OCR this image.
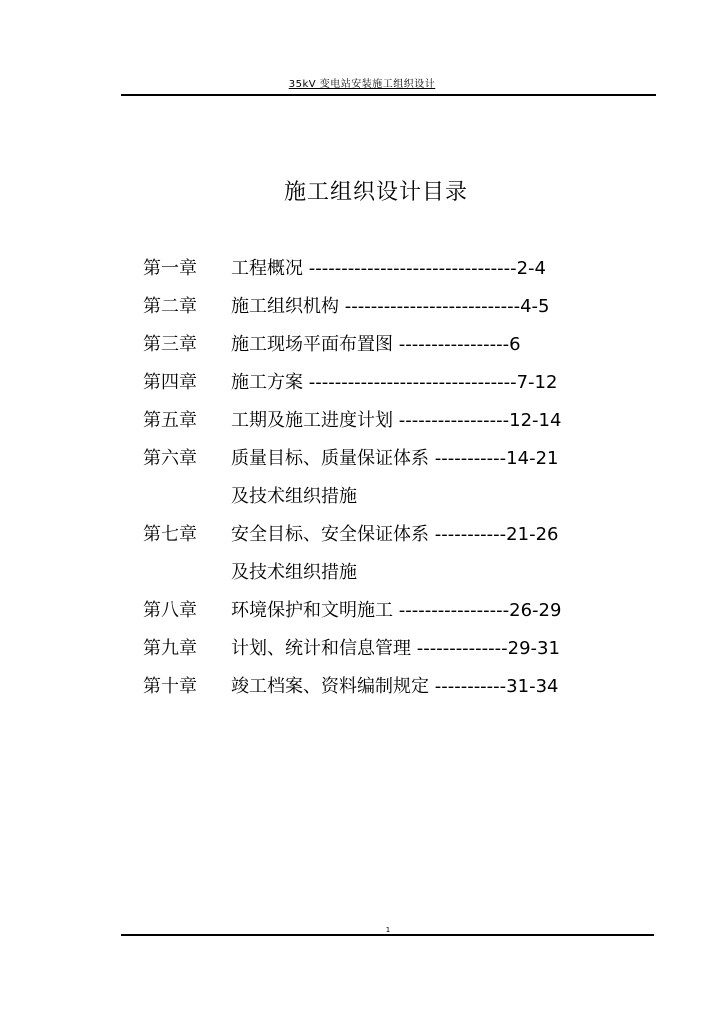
35kV 变电站安装施工组织设计
施工组织设计目录
第一章 工程概况 --------------------------------2-4
第二章 施工组织机构 ---------------------------4-5
第三章 施工现场平面布置图 -----------------6
第四章 施工方案 --------------------------------7-12
第五章 工期及施工进度计划 -----------------12-14
第六章 质量目标、质量保证体系 -----------14-21
及技术组织措施
第七章 安全目标、安全保证体系 -----------21-26
及技术组织措施
第八章 环境保护和文明施工 -----------------26-29
第九章 计划、统计和信息管理 --------------29-31
第十章 竣工档案、资料编制规定 -----------31-34
1
